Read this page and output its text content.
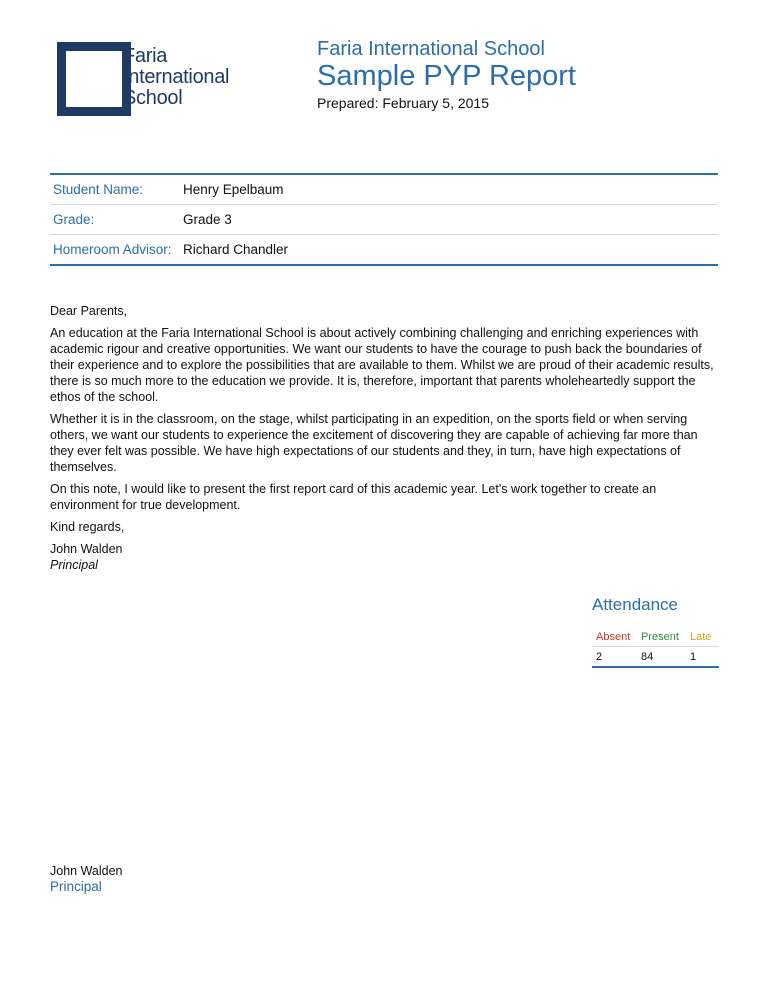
Faria
International
School
Faria International School
Sample PYP Report
Prepared: February 5, 2015
Student Name:	Henry Epelbaum
Grade:	Grade 3
Homeroom Advisor: Richard Chandler

Dear Parents,

An education at the Faria International School is about actively combining challenging and enriching experiences with academic rigour and creative opportunities. We want our students to have the courage to push back the boundaries of their experience and to explore the possibilities that are available to them. Whilst we are proud of their academic results, there is so much more to the education we provide. It is, therefore, important that parents wholeheartedly support the ethos of the school.

Whether it is in the classroom, on the stage, whilst participating in an expedition, on the sports field or when serving others, we want our students to experience the excitement of discovering they are capable of achieving far more than they ever felt was possible. We have high expectations of our students and they, in turn, have high expectations of themselves.

On this note, I would like to present the first report card of this academic year. Let's work together to create an environment for true development.

Kind regards,

John Walden

Principal

Attendance
Absent Present	Late
2	84	1
John Walden
Principal
